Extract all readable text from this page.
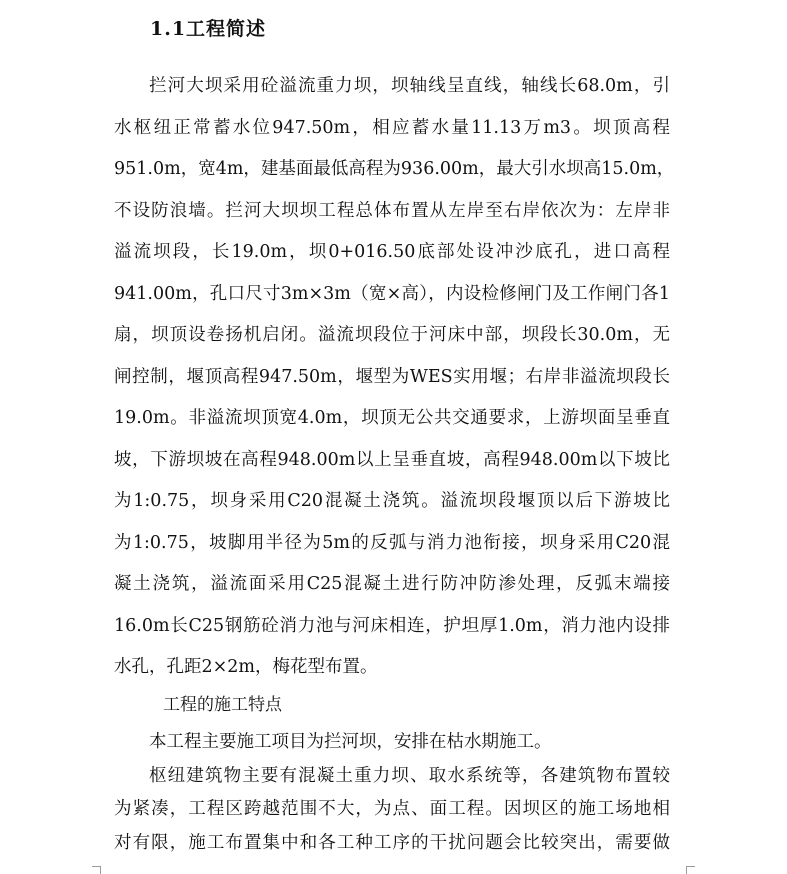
1.1工程简述
拦河大坝采用砼溢流重力坝，坝轴线呈直线，轴线长68.0m，引
水枢纽正常蓄水位947.50m，相应蓄水量11.13万m3。坝顶高程
951.0m，宽4m，建基面最低高程为936.00m，最大引水坝高15.0m，
不设防浪墙。拦河大坝坝工程总体布置从左岸至右岸依次为：左岸非
溢流坝段，长19.0m，坝0+016.50底部处设冲沙底孔，进口高程
941.00m，孔口尺寸3m×3m（宽×高），内设检修闸门及工作闸门各1
扇，坝顶设卷扬机启闭。溢流坝段位于河床中部，坝段长30.0m，无
闸控制，堰顶高程947.50m，堰型为WES实用堰；右岸非溢流坝段长
19.0m。非溢流坝顶宽4.0m，坝顶无公共交通要求，上游坝面呈垂直
坡，下游坝坡在高程948.00m以上呈垂直坡，高程948.00m以下坡比
为1:0.75，坝身采用C20混凝土浇筑。溢流坝段堰顶以后下游坡比
为1:0.75，坡脚用半径为5m的反弧与消力池衔接，坝身采用C20混
凝土浇筑，溢流面采用C25混凝土进行防冲防渗处理，反弧末端接
16.0m长C25钢筋砼消力池与河床相连，护坦厚1.0m，消力池内设排
水孔，孔距2×2m，梅花型布置。
工程的施工特点
本工程主要施工项目为拦河坝，安排在枯水期施工。
枢纽建筑物主要有混凝土重力坝、取水系统等，各建筑物布置较
为紧凑，工程区跨越范围不大，为点、面工程。因坝区的施工场地相
对有限，施工布置集中和各工种工序的干扰问题会比较突出，需要做
